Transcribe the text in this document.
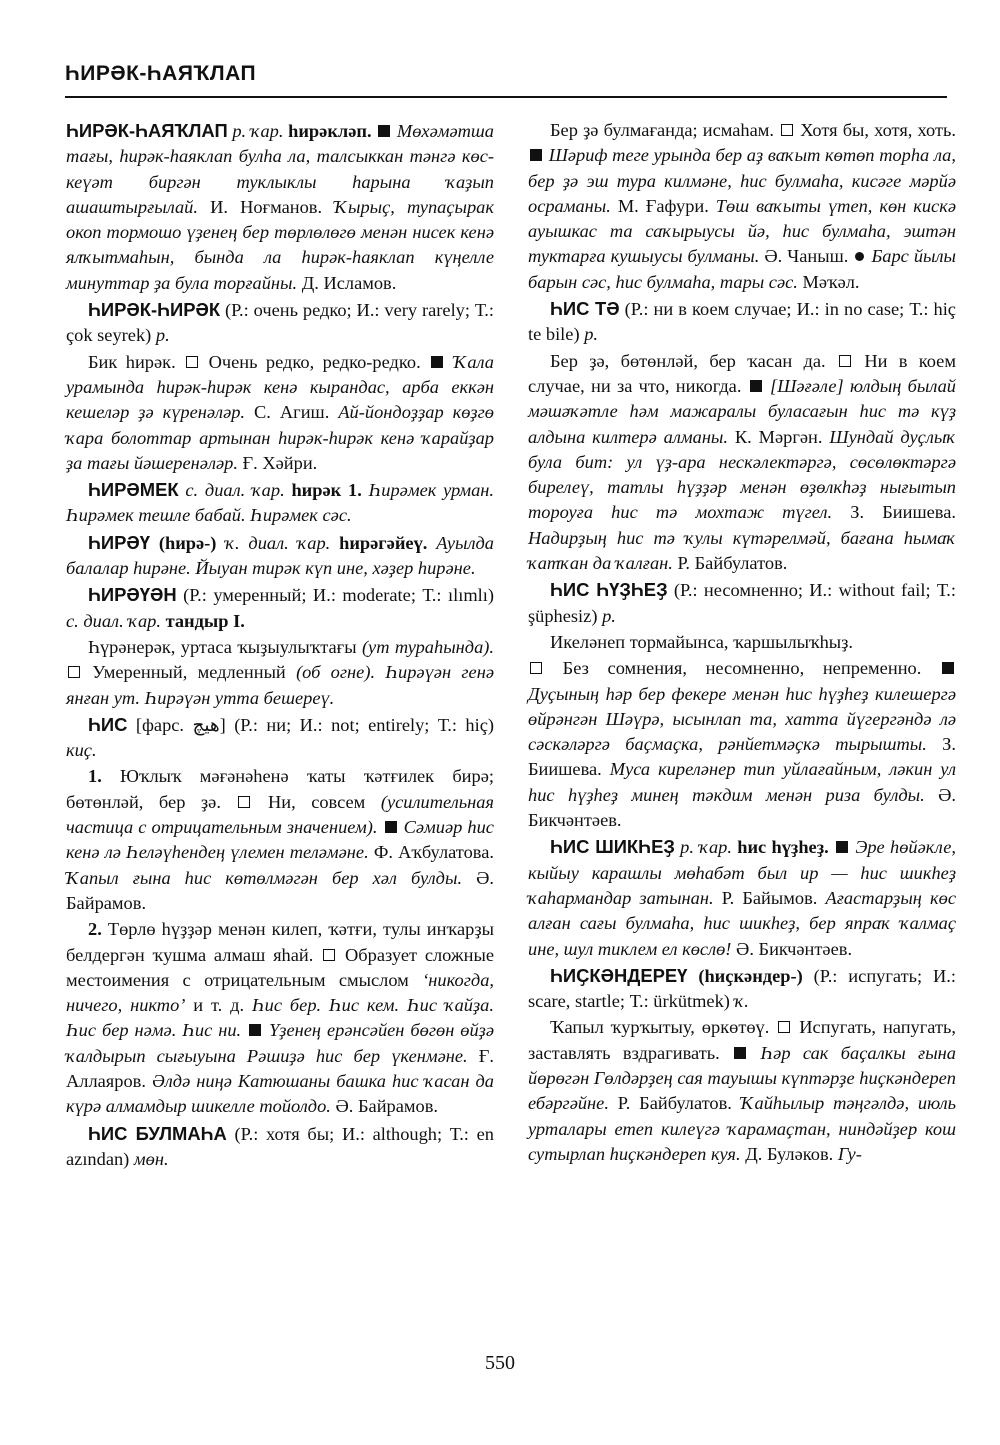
ҺИРӘК-ҺАЯҠЛАП

ҺИРӘК-ҺАЯҠЛАП р. ҡар. һирәкләп. Мөхәмәтша тағы, һирәк-һаяклап булһа ла, талсыккан тәнгә көс-кеүәт биргән туклыклы һарына ҡаҙып ашаштырғылай. И. Ноғманов. Ҡырыҫ, тупаҫырак окоп тормошо үҙенең бер төрлөлөгө менән нисек кенә ялҡытмаһын, бында ла һирәк-һаяклап күңелле минуттар ҙа була торғайны. Д. Исламов.

ҺИРӘК-ҺИРӘК (Р.: очень редко; И.: very rarely; Т.: çok seyrek) р.

Бик һирәк. Очень редко, редко-редко. Ҡала урамында һирәк-һирәк кенә кырандас, арба еккән кешеләр ҙә күренәләр. С. Агиш. Ай-йондоҙҙар көҙгө ҡара болоттар артынан һирәк-һирәк кенә ҡарайҙар ҙа тағы йәшеренәләр. Ғ. Хәйри.

ҺИРӘМЕК с. диал. ҡар. һирәк 1. Һирәмек урман. Һирәмек тешле бабай. Һирәмек сәс.

ҺИРӘҮ (һирә-) ҡ. диал. ҡар. һирәгәйеү. Ауылда балалар һирәне. Йыуан тирәк күп ине, хәҙер һирәне.

ҺИРӘҮӘН (Р.: умеренный; И.: moderate; Т.: ılımlı) с. диал. ҡар. тандыр I.

Һүрәнерәк, уртаса ҡыҙыулыҡтағы (ут тураһында).  Умеренный, медленный (об огне). Һирәүән генә янған ут. Һирәүән утта бешереү.

ҺИС [фарс. هيچ] (Р.: ни; И.: not; entirely; Т.: hiç) киҫ.

1. Юҡлыҡ мәғәнәһенә ҡаты ҡәтғилек бирә; бөтөнләй, бер ҙә.	Ни, совсем (усилительная частица с отрицательным значением). Сәмиәр һис кенә лә Һеләүһендең үлемен теләмәне. Ф. Аҡбулатова. Ҡапыл ғына һис көтөлмәгән бер хәл булды. Ә. Байрамов.

2. Төрлө һүҙҙәр менән килеп, ҡәтғи, тулы инҡарҙы белдергән ҡушма алмаш яһай. Образует сложные местоимения с отрицательным смыслом ‘никогда, ничего, никто’ и т. д. Һис бер. Һис кем. Һис ҡайҙа. Һис бер нәмә. Һис ни. Үҙенең ерәнсәйен бөгөн өйҙә ҡалдырып сығыуына Рәшиҙә һис бер үкенмәне. Ғ. Аллаяров. Әлдә ниңә Катюшаны башка һис ҡасан да күрә алмамдыр шикелле тойолдо. Ә. Байрамов.

ҺИС БУЛМАҺА (Р.: хотя бы; И.: although; Т.: en azından) мөн.

Бер ҙә булмағанда; исмаһам. Хотя бы, хотя, хоть.  Шәриф теге урында бер аҙ ваҡыт көтөп торһа ла, бер ҙә эш тура килмәне, һис булмаһа, кисәге мәрйә осраманы. М. Ғафури. Төш ваҡыты үтеп, көн кискә ауышкас та саҡырыусы йә, һис булмаһа, эштән туктарға кушыусы булманы. Ә. Чаныш. Барс йылы барын сәс, һис булмаһа, тары сәс. Мәҡәл.

ҺИС ТӘ (Р.: ни в коем случае; И.: in no case; Т.: hiç te bile) р.

Бер ҙә, бөтөнләй, бер ҡасан да. Ни в коем случае, ни за что, никогда. [Шәғәле] юлдың былай мәшәҡәтле һәм мажаралы буласағын һис тә күҙ алдына килтерә алманы. К. Мәргән. Шундай дуҫлыҡ була бит: ул үҙ-ара нескәлектәргә, сөсөлөктәргә бирелеү, татлы һүҙҙәр менән өҙөлкһәҙ нығытып тороуға һис тә мохтаж түгел. З. Биишева. Надирҙың һис тә ҡулы күтәрелмәй, бағана һымаҡ ҡатҡан да ҡалған. Р. Байбулатов.

ҺИС ҺҮҘҺЕҘ (Р.: несомненно; И.: without fail; Т.: şüphesiz) р.

Икеләнеп тормайынса, ҡаршылыҡһыҙ.

Без сомнения, несомненно, непременно.  Дуҫының һәр бер фекере менән һис һүҙһеҙ килешергә өйрәнгән Шәүрә, ысынлап та, хатта йүгергәндә лә сәскәләргә баҫмаҫка, рәнйетмәҫкә тырышты. З. Биишева. Муса киреләнер тип уйлағайным, ләкин ул һис һүҙһеҙ минең тәкдим менән риза булды. Ә. Бикчәнтәев.

ҺИС ШИКҺЕҘ р. ҡар. һис һүҙһеҙ. Эре һөйәкле, кыйыу карашлы мөһабәт был ир — һис шикһеҙ ҡаһармандар затынан. Р. Байымов. Ағастарҙың көс алған сағы булмаһа, һис шикһеҙ, бер япраҡ ҡалмаҫ ине, шул тиклем ел көслө! Ә. Бикчәнтәев.

ҺИҪКӘНДЕРЕҮ (һиҫкәндер-) (Р.: испугать; И.: scare, startle; Т.: ürkütmek) ҡ.

Ҡапыл ҡурҡытыу, өркөтөү. Испугать, напугать, заставлять вздрагивать. Һәр сак баҫалкы ғына йөрөгән Гөлдәрҙең сая тауышы күптәрҙе һиҫкәндереп ебәргәйне. Р. Байбулатов. Ҡайһылыр тәңгәлдә, июль урталары етеп килеүгә ҡарамаҫтан, ниндәйҙер кош сутырлап һиҫкәндереп куя. Д. Буләков. Гу-

550
